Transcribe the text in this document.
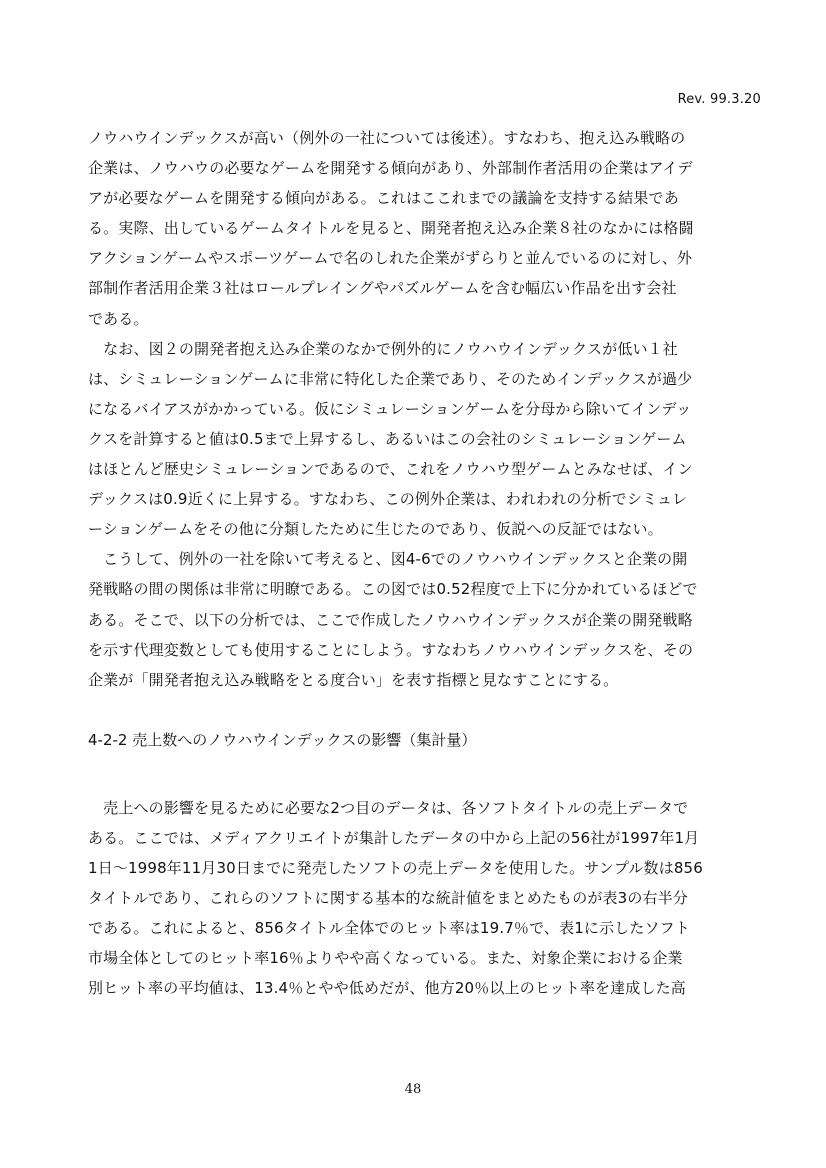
Rev. 99.3.20
ノウハウインデックスが高い（例外の一社については後述）。すなわち、抱え込み戦略の
企業は、ノウハウの必要なゲームを開発する傾向があり、外部制作者活用の企業はアイデ
アが必要なゲームを開発する傾向がある。これはここれまでの議論を支持する結果であ
る。実際、出しているゲームタイトルを見ると、開発者抱え込み企業８社のなかには格闘
アクションゲームやスポーツゲームで名のしれた企業がずらりと並んでいるのに対し、外
部制作者活用企業３社はロールプレイングやパズルゲームを含む幅広い作品を出す会社
である。
　なお、図２の開発者抱え込み企業のなかで例外的にノウハウインデックスが低い１社
は、シミュレーションゲームに非常に特化した企業であり、そのためインデックスが過少
になるバイアスがかかっている。仮にシミュレーションゲームを分母から除いてインデッ
クスを計算すると値は0.5まで上昇するし、あるいはこの会社のシミュレーションゲーム
はほとんど歴史シミュレーションであるので、これをノウハウ型ゲームとみなせば、イン
デックスは0.9近くに上昇する。すなわち、この例外企業は、われわれの分析でシミュレ
ーションゲームをその他に分類したために生じたのであり、仮説への反証ではない。
　こうして、例外の一社を除いて考えると、図4-6でのノウハウインデックスと企業の開
発戦略の間の関係は非常に明瞭である。この図では0.52程度で上下に分かれているほどで
ある。そこで、以下の分析では、ここで作成したノウハウインデックスが企業の開発戦略
を示す代理変数としても使用することにしよう。すなわちノウハウインデックスを、その
企業が「開発者抱え込み戦略をとる度合い」を表す指標と見なすことにする。
4-2-2 売上数へのノウハウインデックスの影響（集計量）
　売上への影響を見るために必要な2つ目のデータは、各ソフトタイトルの売上データで
ある。ここでは、メディアクリエイトが集計したデータの中から上記の56社が1997年1月
1日～1998年11月30日までに発売したソフトの売上データを使用した。サンプル数は856
タイトルであり、これらのソフトに関する基本的な統計値をまとめたものが表3の右半分
である。これによると、856タイトル全体でのヒット率は19.7％で、表1に示したソフト
市場全体としてのヒット率16％よりやや高くなっている。また、対象企業における企業
別ヒット率の平均値は、13.4％とやや低めだが、他方20％以上のヒット率を達成した高
48
